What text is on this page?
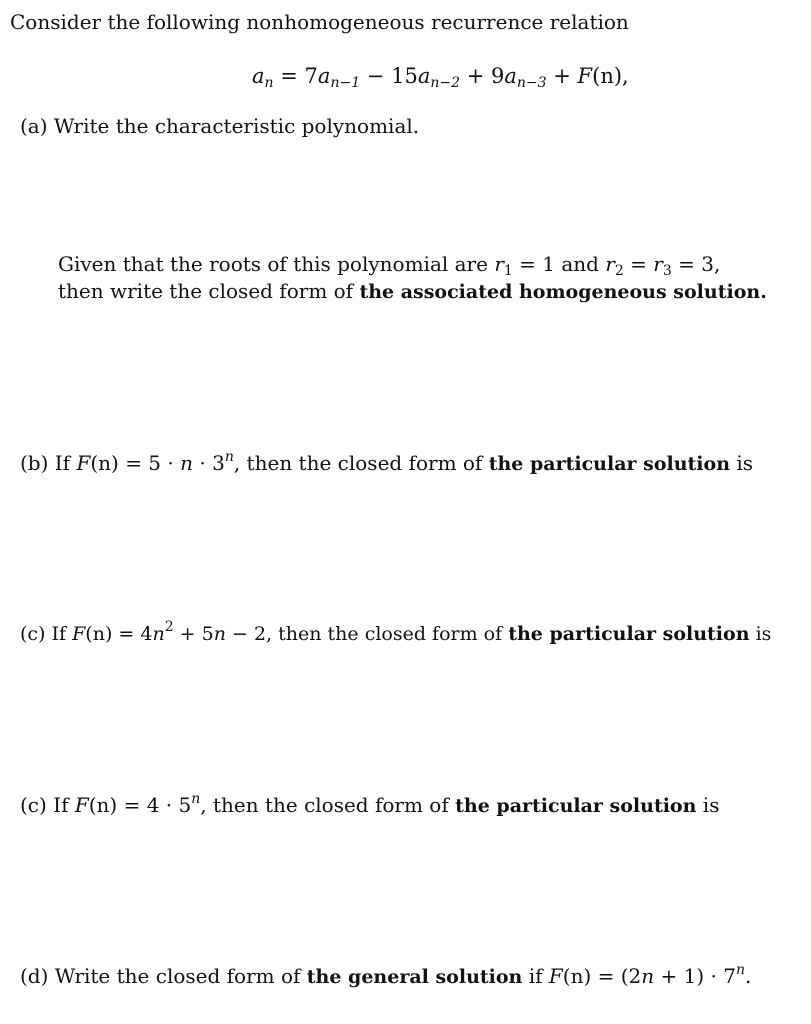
Consider the following nonhomogeneous recurrence relation
$a_n = 7a_{n-1} - 15a_{n-2} + 9a_{n-3} + F(n)$,
(a) Write the characteristic polynomial.
Given that the roots of this polynomial are $r_1 = 1$ and $r_2 = r_3 = 3$,
then write the closed form of the associated homogeneous solution.
(b) If $F(n) = 5 \cdot n \cdot 3^n$, then the closed form of the particular solution is
(c) If $F(n) = 4n^2 + 5n - 2$, then the closed form of the particular solution is
(c) If $F(n) = 4 \cdot 5^n$, then the closed form of the particular solution is
(d) Write the closed form of the general solution if $F(n) = (2n + 1) \cdot 7^n$.
